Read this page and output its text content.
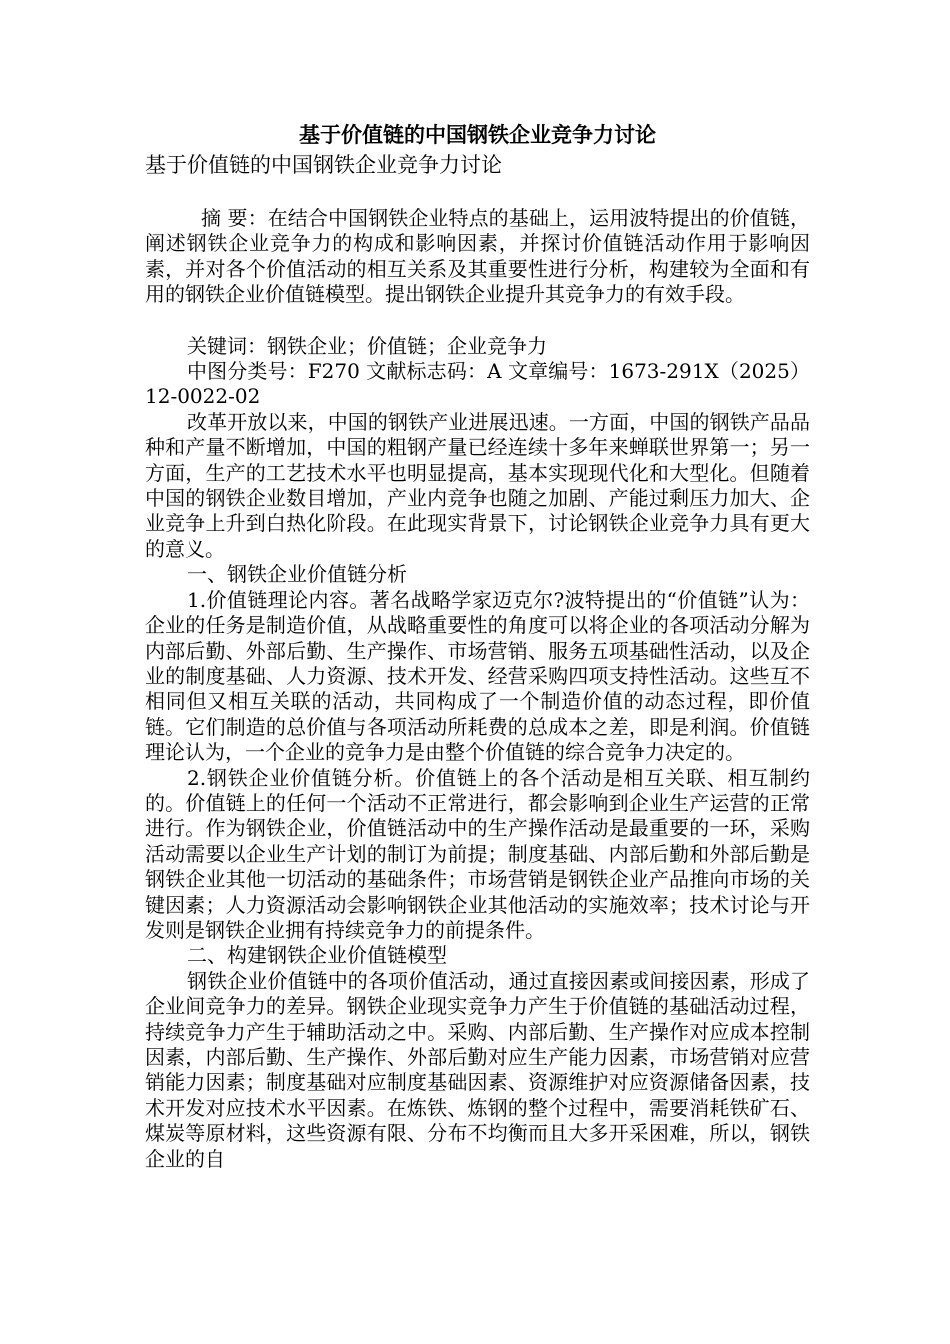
基于价值链的中国钢铁企业竞争力讨论
基于价值链的中国钢铁企业竞争力讨论

摘 要：在结合中国钢铁企业特点的基础上，运用波特提出的价值链，阐述钢铁企业竞争力的构成和影响因素，并探讨价值链活动作用于影响因素，并对各个价值活动的相互关系及其重要性进行分析，构建较为全面和有用的钢铁企业价值链模型。提出钢铁企业提升其竞争力的有效手段。

关键词：钢铁企业；价值链；企业竞争力

中图分类号：F270 文献标志码：A 文章编号：1673-291X（2025）12-0022-02

改革开放以来，中国的钢铁产业进展迅速。一方面，中国的钢铁产品品种和产量不断增加，中国的粗钢产量已经连续十多年来蝉联世界第一；另一方面，生产的工艺技术水平也明显提高，基本实现现代化和大型化。但随着中国的钢铁企业数目增加，产业内竞争也随之加剧、产能过剩压力加大、企业竞争上升到白热化阶段。在此现实背景下，讨论钢铁企业竞争力具有更大的意义。

一、钢铁企业价值链分析

1.价值链理论内容。著名战略学家迈克尔?波特提出的“价值链”认为：企业的任务是制造价值，从战略重要性的角度可以将企业的各项活动分解为内部后勤、外部后勤、生产操作、市场营销、服务五项基础性活动，以及企业的制度基础、人力资源、技术开发、经营采购四项支持性活动。这些互不相同但又相互关联的活动，共同构成了一个制造价值的动态过程，即价值链。它们制造的总价值与各项活动所耗费的总成本之差，即是利润。价值链理论认为，一个企业的竞争力是由整个价值链的综合竞争力决定的。

2.钢铁企业价值链分析。价值链上的各个活动是相互关联、相互制约的。价值链上的任何一个活动不正常进行，都会影响到企业生产运营的正常进行。作为钢铁企业，价值链活动中的生产操作活动是最重要的一环，采购活动需要以企业生产计划的制订为前提；制度基础、内部后勤和外部后勤是钢铁企业其他一切活动的基础条件；市场营销是钢铁企业产品推向市场的关键因素；人力资源活动会影响钢铁企业其他活动的实施效率；技术讨论与开发则是钢铁企业拥有持续竞争力的前提条件。

二、构建钢铁企业价值链模型

钢铁企业价值链中的各项价值活动，通过直接因素或间接因素，形成了企业间竞争力的差异。钢铁企业现实竞争力产生于价值链的基础活动过程，持续竞争力产生于辅助活动之中。采购、内部后勤、生产操作对应成本控制因素，内部后勤、生产操作、外部后勤对应生产能力因素，市场营销对应营销能力因素；制度基础对应制度基础因素、资源维护对应资源储备因素，技术开发对应技术水平因素。在炼铁、炼钢的整个过程中，需要消耗铁矿石、煤炭等原材料，这些资源有限、分布不均衡而且大多开采困难，所以，钢铁企业的自
